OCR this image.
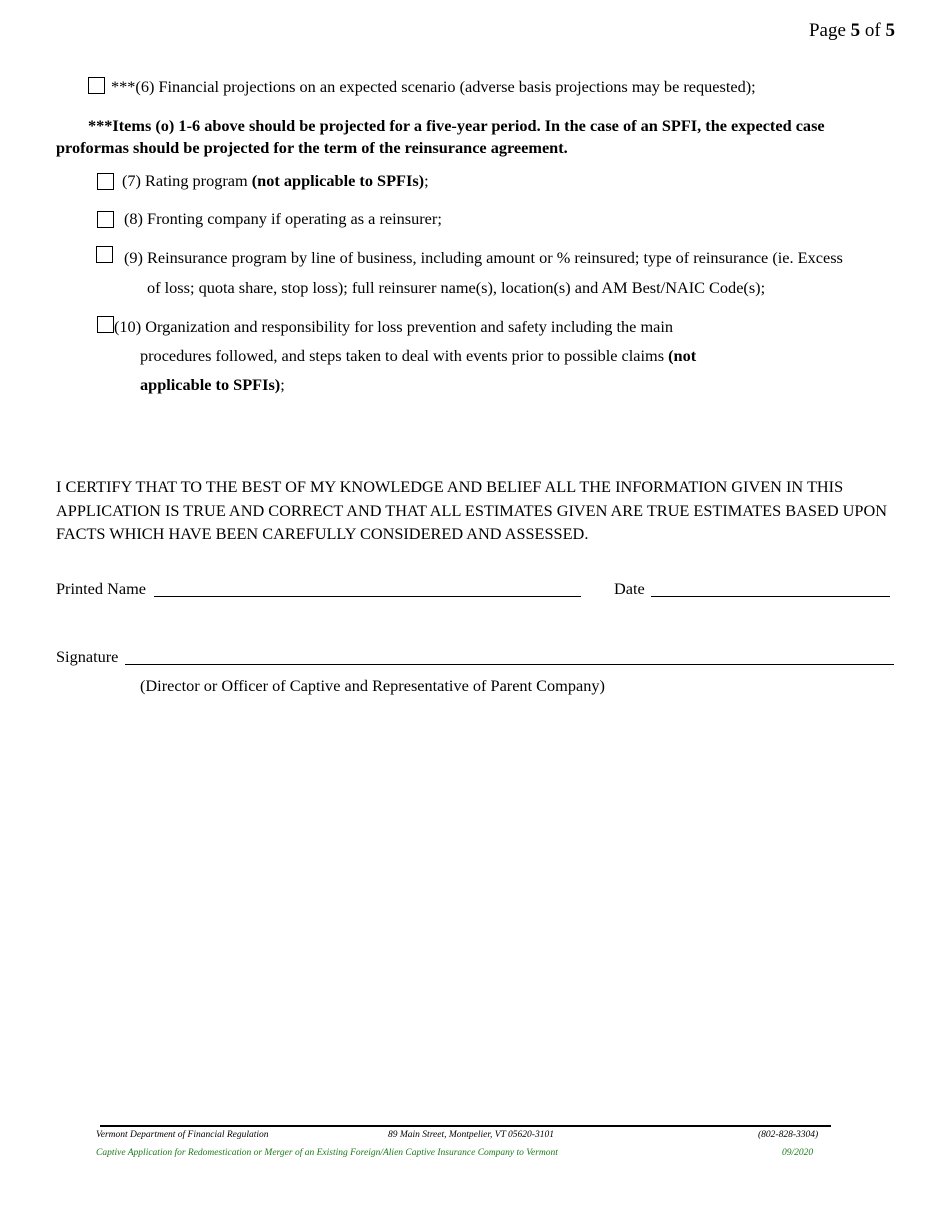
Page 5 of 5
***(6) Financial projections on an expected scenario (adverse basis projections may be requested);
***Items (o) 1-6 above should be projected for a five-year period. In the case of an SPFI, the expected case proformas should be projected for the term of the reinsurance agreement.
(7) Rating program (not applicable to SPFIs);
(8) Fronting company if operating as a reinsurer;
(9) Reinsurance program by line of business, including amount or % reinsured; type of reinsurance (ie. Excess
of loss; quota share, stop loss); full reinsurer name(s), location(s) and AM Best/NAIC Code(s);
(10) Organization and responsibility for loss prevention and safety including the main
procedures followed, and steps taken to deal with events prior to possible claims (not
applicable to SPFIs);
I CERTIFY THAT TO THE BEST OF MY KNOWLEDGE AND BELIEF ALL THE INFORMATION GIVEN IN THIS APPLICATION IS TRUE AND CORRECT AND THAT ALL ESTIMATES GIVEN ARE TRUE ESTIMATES BASED UPON FACTS WHICH HAVE BEEN CAREFULLY CONSIDERED AND ASSESSED.
Printed Name	Date
Signature
(Director or Officer of Captive and Representative of Parent Company)
Vermont Department of Financial Regulation	89 Main Street, Montpelier, VT 05620-3101	(802-828-3304)
Captive Application for Redomestication or Merger of an Existing Foreign/Alien Captive Insurance Company to Vermont	09/2020
